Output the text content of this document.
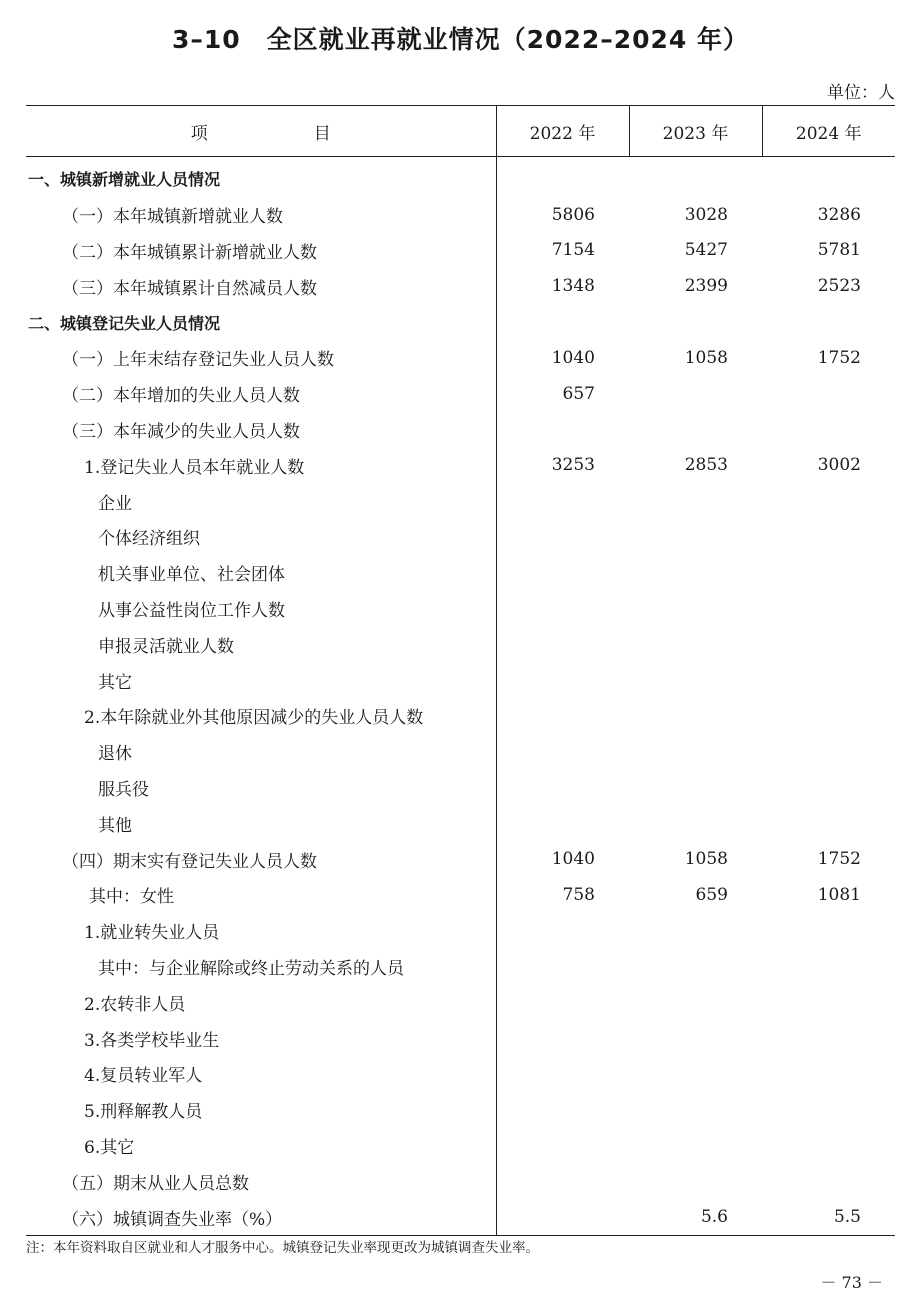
3–10　全区就业再就业情况（2022–2024 年）
单位：人
项 目	2022 年	2023 年	2024 年
一、城镇新增就业人员情况			
（一）本年城镇新增就业人数	5806	3028	3286
（二）本年城镇累计新增就业人数	7154	5427	5781
（三）本年城镇累计自然减员人数	1348	2399	2523
二、城镇登记失业人员情况			
（一）上年末结存登记失业人员人数	1040	1058	1752
（二）本年增加的失业人员人数	657		
（三）本年减少的失业人员人数			
1.登记失业人员本年就业人数	3253	2853	3002
企业			
个体经济组织			
机关事业单位、社会团体			
从事公益性岗位工作人数			
申报灵活就业人数			
其它			
2.本年除就业外其他原因减少的失业人员人数			
退休			
服兵役			
其他			
（四）期末实有登记失业人员人数	1040	1058	1752
其中：女性	758	659	1081
1.就业转失业人员			
其中：与企业解除或终止劳动关系的人员			
2.农转非人员			
3.各类学校毕业生			
4.复员转业军人			
5.刑释解教人员			
6.其它			
（五）期末从业人员总数			
（六）城镇调查失业率（%）		5.6	5.5
注：本年资料取自区就业和人才服务中心。城镇登记失业率现更改为城镇调查失业率。
－ 73 －
